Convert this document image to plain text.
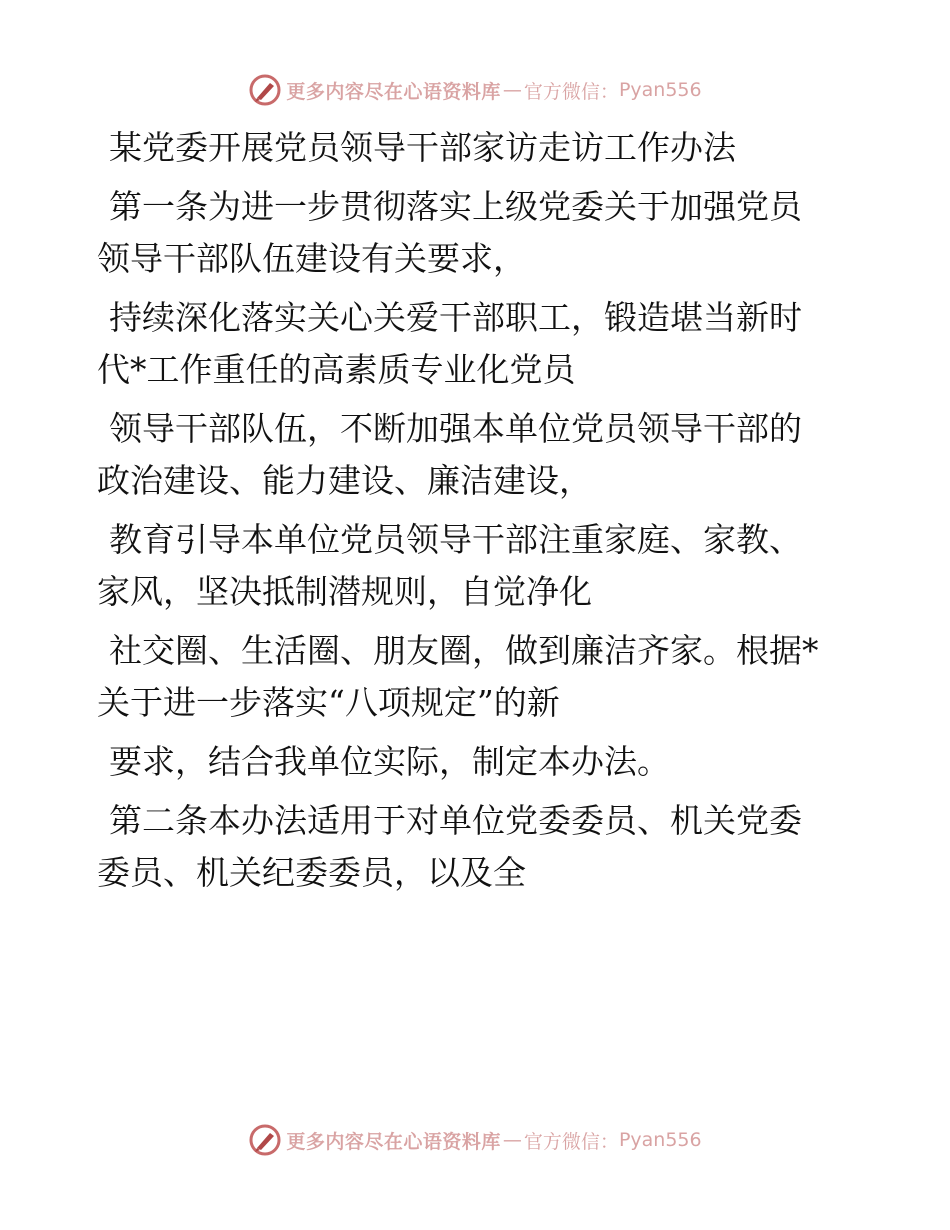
更多内容尽在心语资料库 — 官方微信： Pyan556

某党委开展党员领导干部家访走访工作办法

第一条为进一步贯彻落实上级党委关于加强党员
领导干部队伍建设有关要求，

持续深化落实关心关爱干部职工，锻造堪当新时
代*工作重任的高素质专业化党员

领导干部队伍，不断加强本单位党员领导干部的
政治建设、能力建设、廉洁建设，

教育引导本单位党员领导干部注重家庭、家教、
家风，坚决抵制潜规则，自觉净化

社交圈、生活圈、朋友圈，做到廉洁齐家。根据*
关于进一步落实“八项规定”的新

要求，结合我单位实际，制定本办法。

第二条本办法适用于对单位党委委员、机关党委
委员、机关纪委委员，以及全

更多内容尽在心语资料库 — 官方微信： Pyan556
